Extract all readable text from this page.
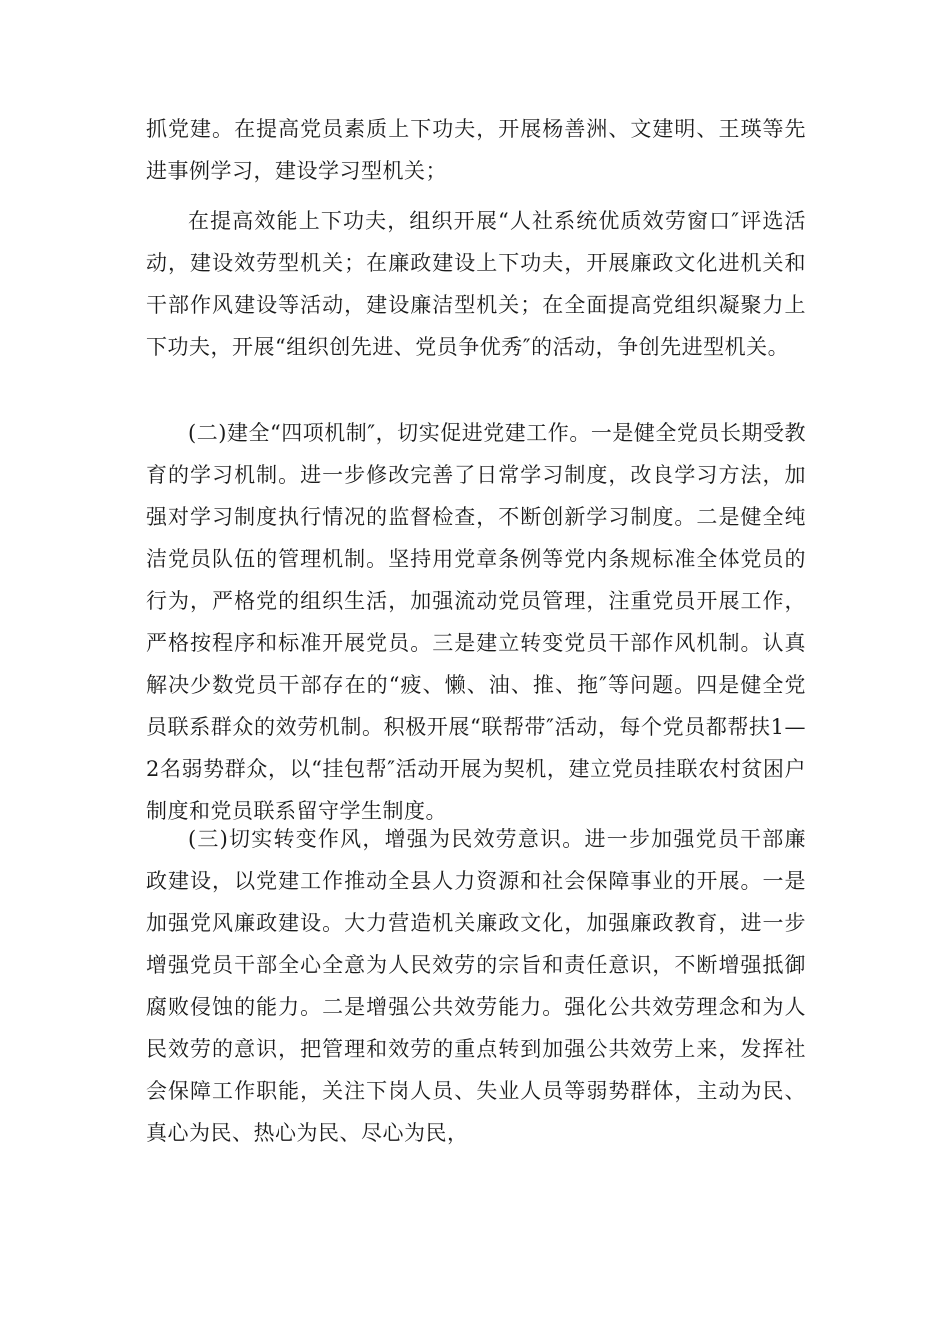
抓党建。在提高党员素质上下功夫，开展杨善洲、文建明、王瑛等先进事例学习，建设学习型机关；

在提高效能上下功夫，组织开展“人社系统优质效劳窗口″评选活动，建设效劳型机关；在廉政建设上下功夫，开展廉政文化进机关和干部作风建设等活动，建设廉洁型机关；在全面提高党组织凝聚力上下功夫，开展“组织创先进、党员争优秀″的活动，争创先进型机关。

(二)建全“四项机制″，切实促进党建工作。一是健全党员长期受教育的学习机制。进一步修改完善了日常学习制度，改良学习方法，加强对学习制度执行情况的监督检查，不断创新学习制度。二是健全纯洁党员队伍的管理机制。坚持用党章条例等党内条规标准全体党员的行为，严格党的组织生活，加强流动党员管理，注重党员开展工作，严格按程序和标准开展党员。三是建立转变党员干部作风机制。认真解决少数党员干部存在的“疲、懒、油、推、拖″等问题。四是健全党员联系群众的效劳机制。积极开展“联帮带″活动，每个党员都帮扶1—2名弱势群众，以“挂包帮″活动开展为契机，建立党员挂联农村贫困户制度和党员联系留守学生制度。

(三)切实转变作风，增强为民效劳意识。进一步加强党员干部廉政建设，以党建工作推动全县人力资源和社会保障事业的开展。一是加强党风廉政建设。大力营造机关廉政文化，加强廉政教育，进一步增强党员干部全心全意为人民效劳的宗旨和责任意识，不断增强抵御腐败侵蚀的能力。二是增强公共效劳能力。强化公共效劳理念和为人民效劳的意识，把管理和效劳的重点转到加强公共效劳上来，发挥社会保障工作职能，关注下岗人员、失业人员等弱势群体，主动为民、真心为民、热心为民、尽心为民，
